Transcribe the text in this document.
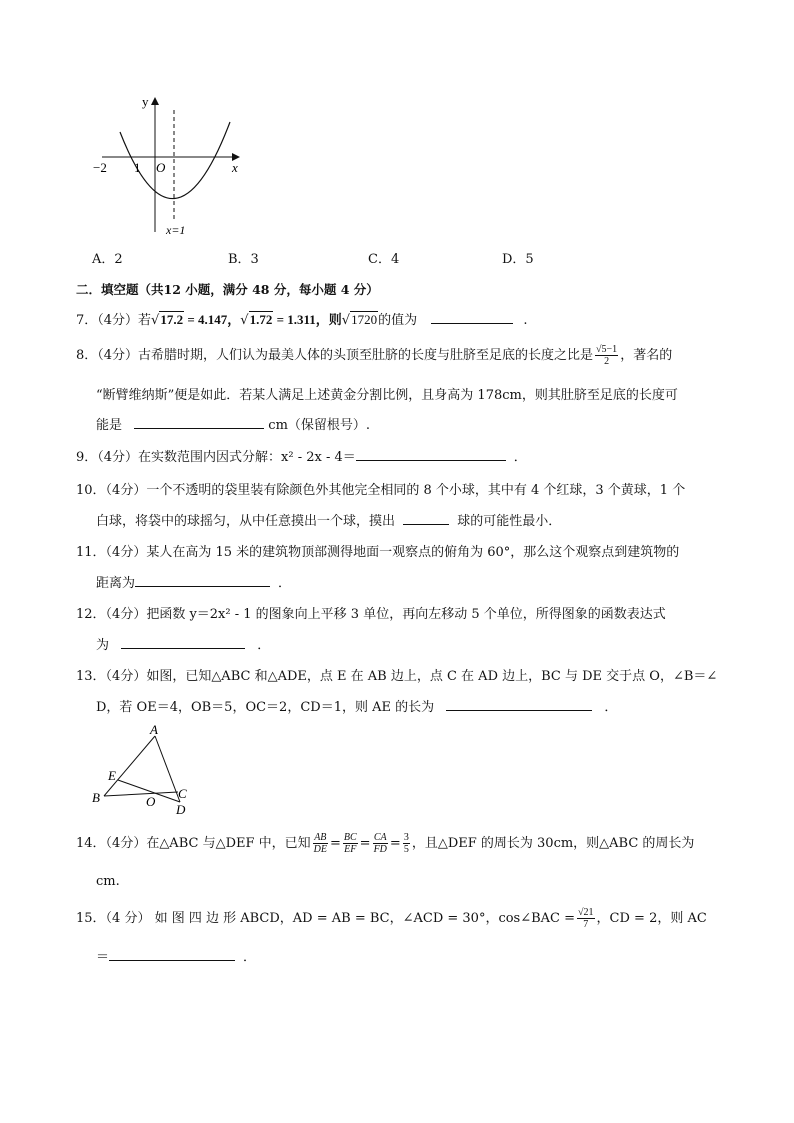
y
x
−2 1 O
x=1
A．2	B．3	C．4	D．5
二．填空题（共12 小题，满分 48 分，每小题 4 分）
7．（4分）若√17.2 = 4.147，√1.72 = 1.311，则√1720的值为	.
8．（4分）古希腊时期，人们认为最美人体的头顶至肚脐的长度与肚脐至足底的长度之比是 $\frac{√5-1}{2}$ ，著名的
“断臂维纳斯”便是如此．若某人满足上述黄金分割比例，且身高为 178cm，则其肚脐至足底的长度可
能是	cm（保留根号）.
9．（4分）在实数范围内因式分解：x² - 2x - 4＝	．
10．（4分）一个不透明的袋里装有除颜色外其他完全相同的 8 个小球，其中有 4 个红球，3 个黄球，1 个
白球，将袋中的球摇匀，从中任意摸出一个球，摸出	球的可能性最小．
11．（4分）某人在高为 15 米的建筑物顶部测得地面一观察点的俯角为 60°，那么这个观察点到建筑物的
距离为	．
12．（4分）把函数 y＝2x² - 1 的图象向上平移 3 单位，再向左移动 5 个单位，所得图象的函数表达式
为	．
13．（4分）如图，已知△ABC 和△ADE，点 E 在 AB 边上，点 C 在 AD 边上，BC 与 DE 交于点 O，∠B＝∠
D，若 OE＝4，OB＝5，OC＝2，CD＝1，则 AE 的长为	．
A
E
B	O
C
D
14．（4分）在△ABC 与△DEF 中，已知 $\frac{AB}{DE} = \frac{BC}{EF} = \frac{CA}{FD} = \frac{3}{5}$ ，且△DEF 的周长为 30cm，则△ABC 的周长为
cm.
15．（4 分） 如 图 四 边 形 ABCD，AD = AB = BC，∠ACD = 30°，cos∠BAC = $\frac{√21}{7}$ ，CD = 2，则 AC
＝	．
